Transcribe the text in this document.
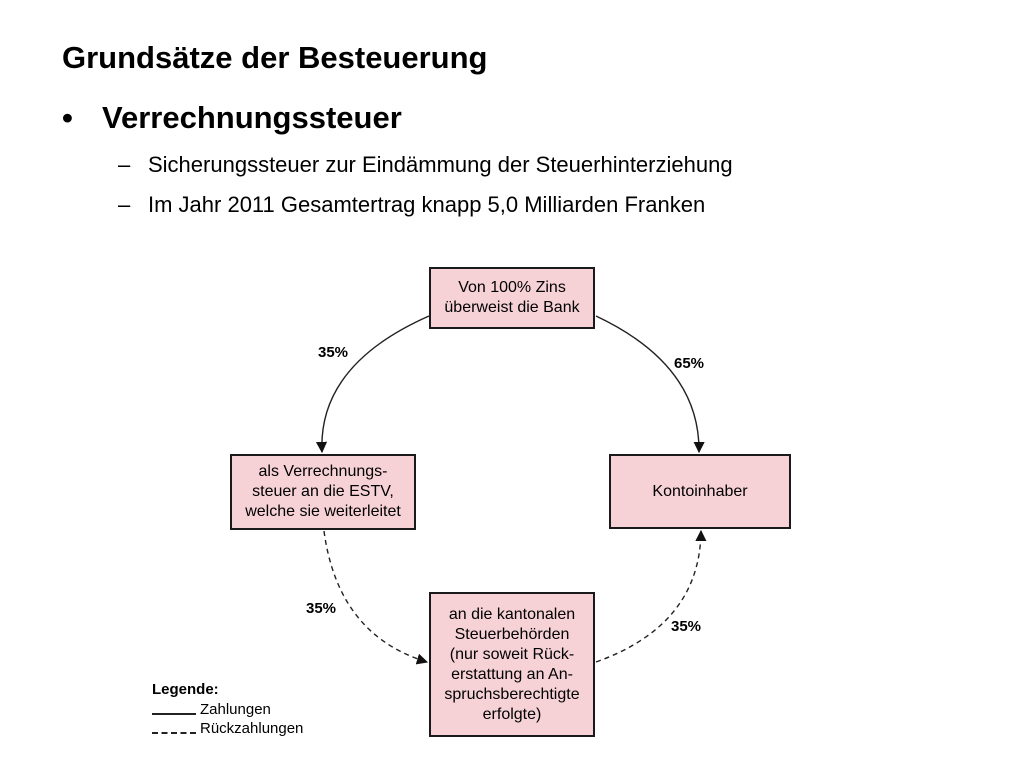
Grundsätze der Besteuerung
• Verrechnungssteuer
– Sicherungssteuer zur Eindämmung der Steuerhinterziehung
– Im Jahr 2011 Gesamtertrag knapp 5,0 Milliarden Franken
Von 100% Zins
überweist die Bank
als Verrechnungs-
steuer an die ESTV,
welche sie weiterleitet
Kontoinhaber
an die kantonalen
Steuerbehörden
(nur soweit Rück-
erstattung an An-
spruchsberechtigte
erfolgte)
35%
65%
35%
35%
Legende:
Zahlungen
Rückzahlungen
